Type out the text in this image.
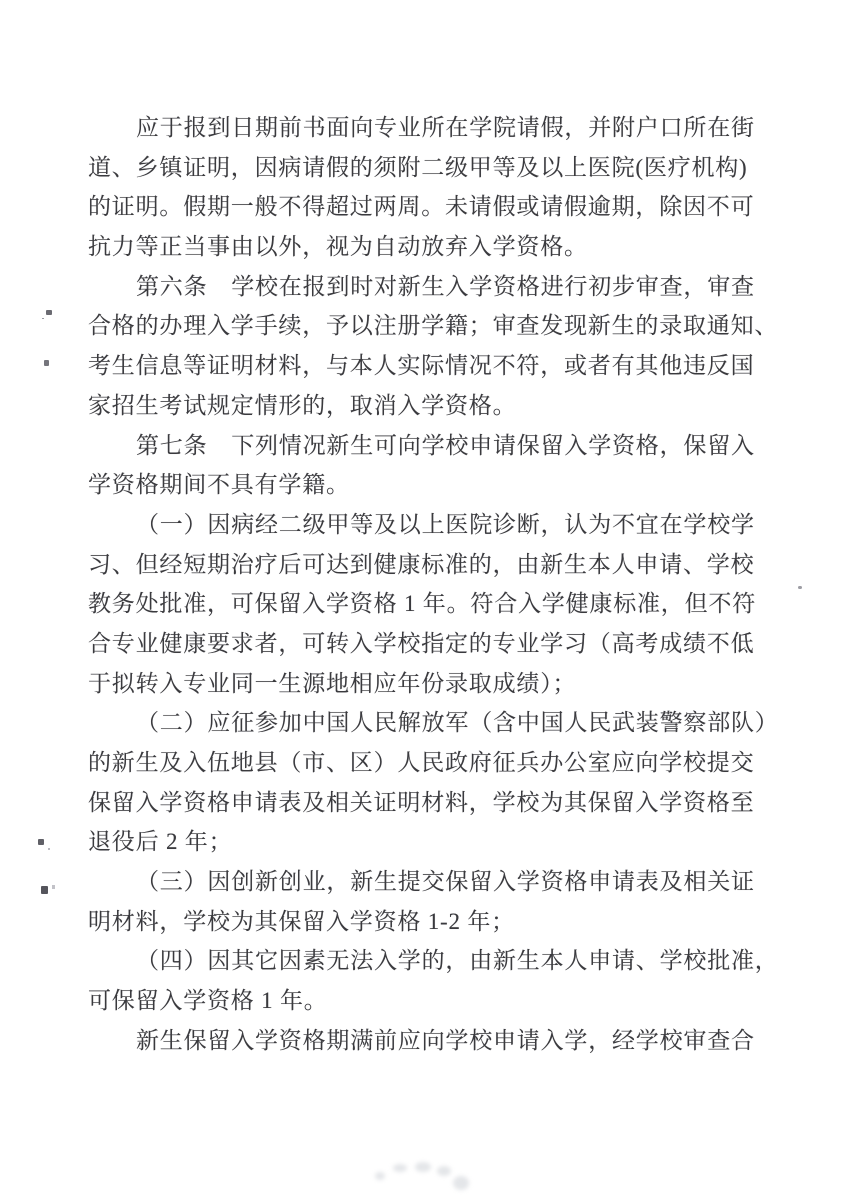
应于报到日期前书面向专业所在学院请假，并附户口所在街
道、乡镇证明，因病请假的须附二级甲等及以上医院(医疗机构)
的证明。假期一般不得超过两周。未请假或请假逾期，除因不可
抗力等正当事由以外，视为自动放弃入学资格。
第六条　学校在报到时对新生入学资格进行初步审查，审查
合格的办理入学手续，予以注册学籍；审查发现新生的录取通知、
考生信息等证明材料，与本人实际情况不符，或者有其他违反国
家招生考试规定情形的，取消入学资格。
第七条　下列情况新生可向学校申请保留入学资格，保留入
学资格期间不具有学籍。
（一）因病经二级甲等及以上医院诊断，认为不宜在学校学
习、但经短期治疗后可达到健康标准的，由新生本人申请、学校
教务处批准，可保留入学资格 1 年。符合入学健康标准，但不符
合专业健康要求者，可转入学校指定的专业学习（高考成绩不低
于拟转入专业同一生源地相应年份录取成绩）；
（二）应征参加中国人民解放军（含中国人民武装警察部队）
的新生及入伍地县（市、区）人民政府征兵办公室应向学校提交
保留入学资格申请表及相关证明材料，学校为其保留入学资格至
退役后 2 年；
（三）因创新创业，新生提交保留入学资格申请表及相关证
明材料，学校为其保留入学资格 1-2 年；
（四）因其它因素无法入学的，由新生本人申请、学校批准，
可保留入学资格 1 年。
新生保留入学资格期满前应向学校申请入学，经学校审查合
